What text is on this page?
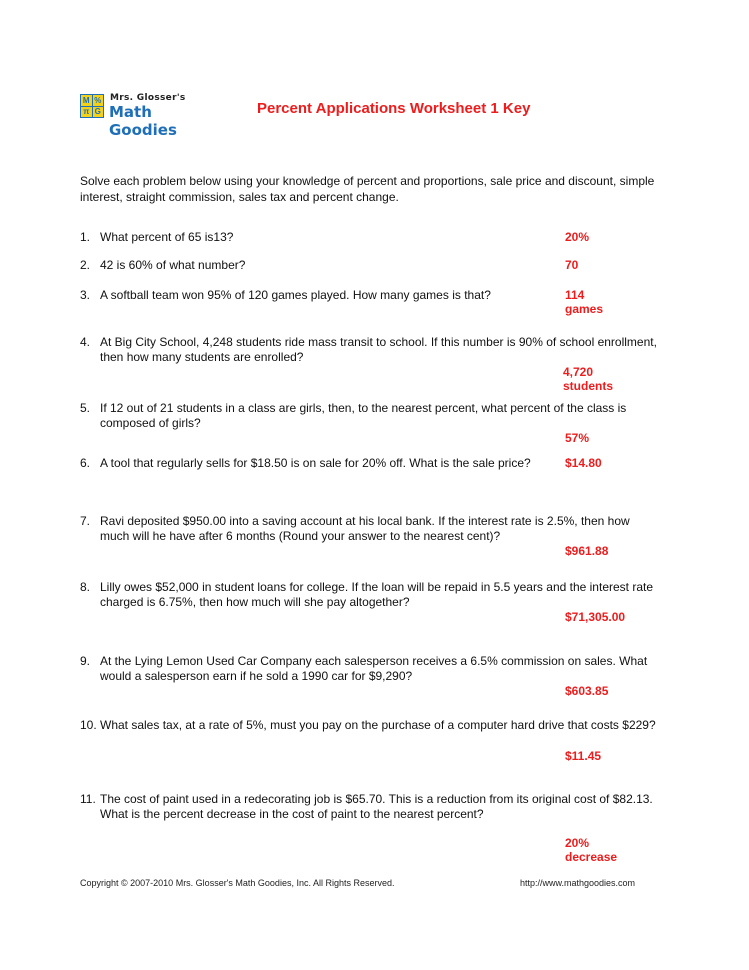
M %
π G
Mrs. Glosser's
Math Goodies
Percent Applications Worksheet 1 Key
Solve each problem below using your knowledge of percent and proportions, sale price and discount, simple interest, straight commission, sales tax and percent change.
Copyright © 2007-2010 Mrs. Glosser's Math Goodies, Inc. All Rights Reserved.	http://www.mathgoodies.com
1. What percent of 65 is13?	20%
2. 42 is 60% of what number?	70
3. A softball team won 95% of 120 games played. How many games is that?	114 games
4. At Big City School, 4,248 students ride mass transit to school. If this number is 90% of school enrollment, then how many students are enrolled?
4,720 students
5. If 12 out of 21 students in a class are girls, then, to the nearest percent, what percent of the class is composed of girls?
57%
6. A tool that regularly sells for $18.50 is on sale for 20% off. What is the sale price?	$14.80
7. Ravi deposited $950.00 into a saving account at his local bank. If the interest rate is 2.5%, then how much will he have after 6 months (Round your answer to the nearest cent)?
$961.88
8. Lilly owes $52,000 in student loans for college. If the loan will be repaid in 5.5 years and the interest rate charged is 6.75%, then how much will she pay altogether?
$71,305.00
9. At the Lying Lemon Used Car Company each salesperson receives a 6.5% commission on sales. What would a salesperson earn if he sold a 1990 car for $9,290?
$603.85
10. What sales tax, at a rate of 5%, must you pay on the purchase of a computer hard drive that costs $229?
$11.45
11. The cost of paint used in a redecorating job is $65.70. This is a reduction from its original cost of $82.13. What is the percent decrease in the cost of paint to the nearest percent?
20% decrease
